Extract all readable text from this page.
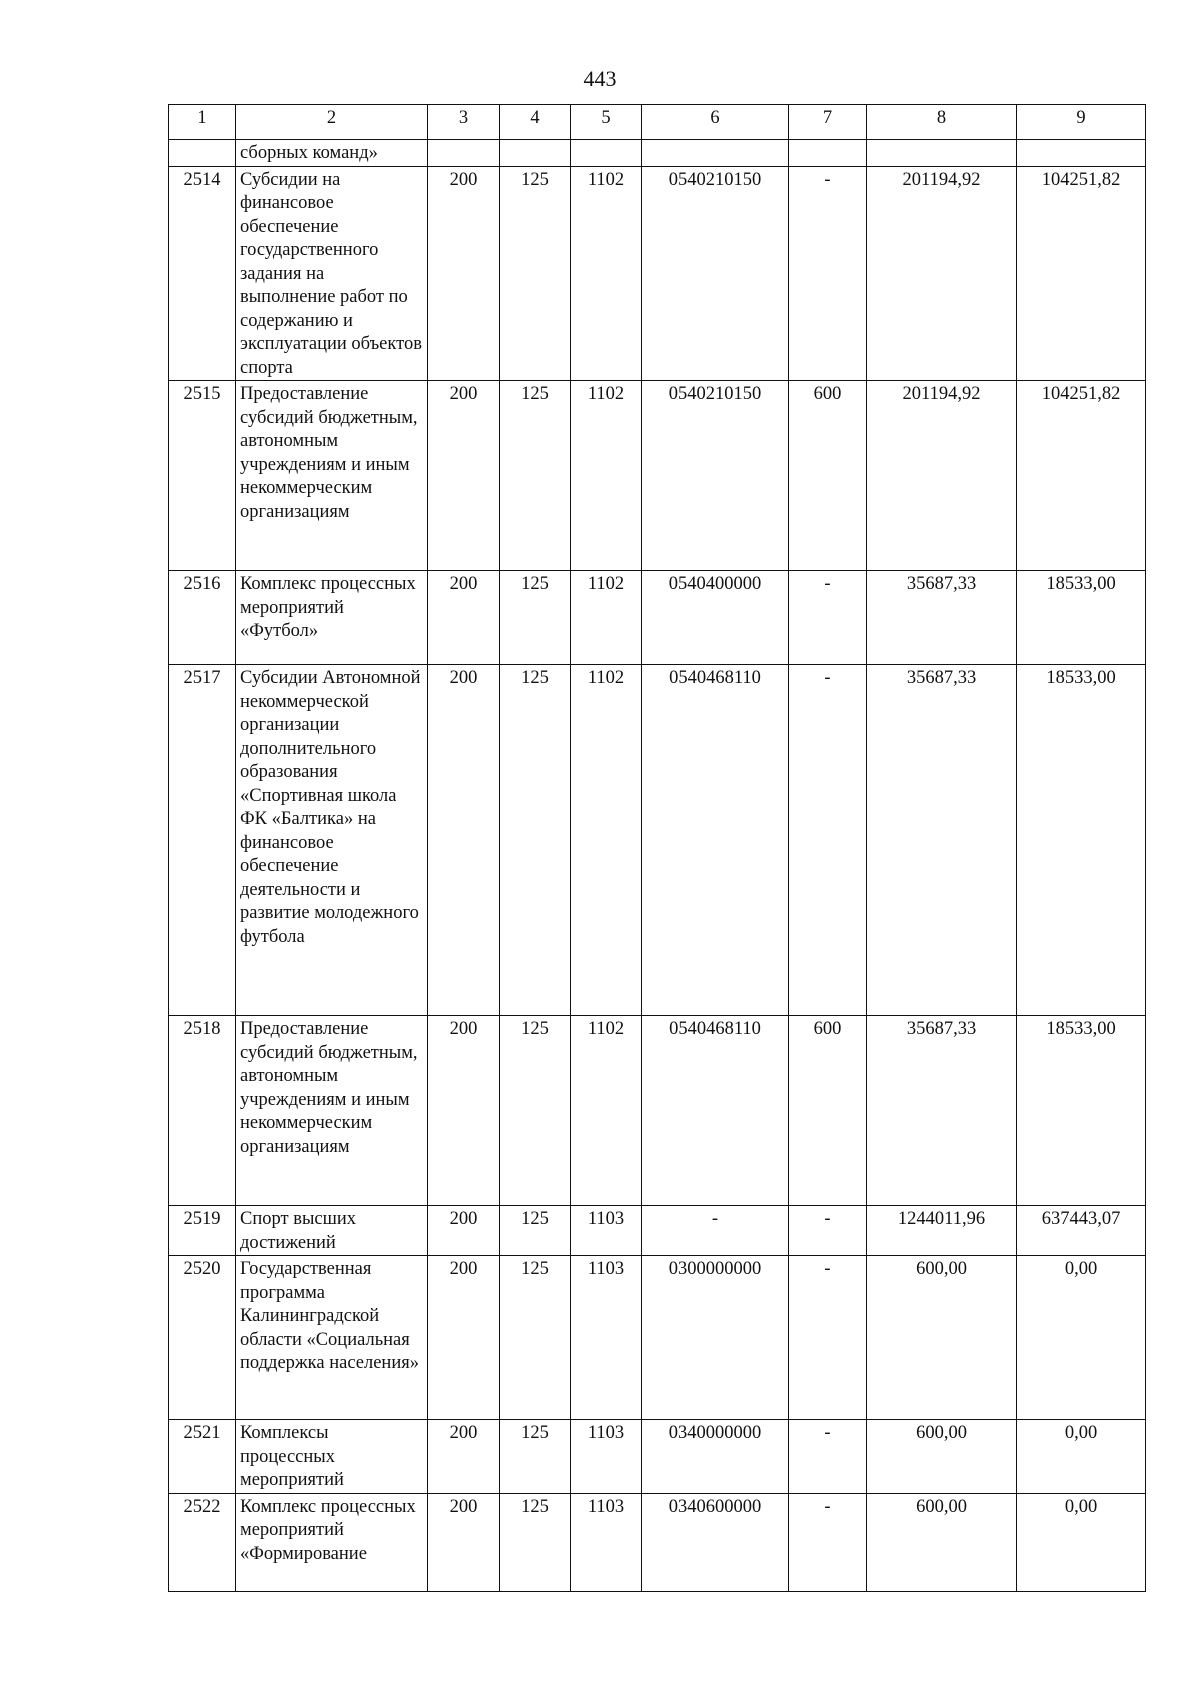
443
1	2	3	4	5	6	7	8	9
	сборных команд»							
2514	Субсидии на финансовое обеспечение государственного задания на выполнение работ по содержанию и эксплуатации объектов спорта	200	125	1102	0540210150	-	201194,92	104251,82
2515	Предоставление субсидий бюджетным, автономным учреждениям и иным некоммерческим организациям	200	125	1102	0540210150	600	201194,92	104251,82
2516	Комплекс процессных мероприятий «Футбол»	200	125	1102	0540400000	-	35687,33	18533,00
2517	Субсидии Автономной некоммерческой организации дополнительного образования «Спортивная школа ФК «Балтика» на финансовое обеспечение деятельности и развитие молодежного футбола	200	125	1102	0540468110	-	35687,33	18533,00
2518	Предоставление субсидий бюджетным, автономным учреждениям и иным некоммерческим организациям	200	125	1102	0540468110	600	35687,33	18533,00
2519	Спорт высших достижений	200	125	1103	-	-	1244011,96	637443,07
2520	Государственная программа Калининградской области «Социальная поддержка населения»	200	125	1103	0300000000	-	600,00	0,00
2521	Комплексы процессных мероприятий	200	125	1103	0340000000	-	600,00	0,00
2522	Комплекс процессных мероприятий «Формирование	200	125	1103	0340600000	-	600,00	0,00
